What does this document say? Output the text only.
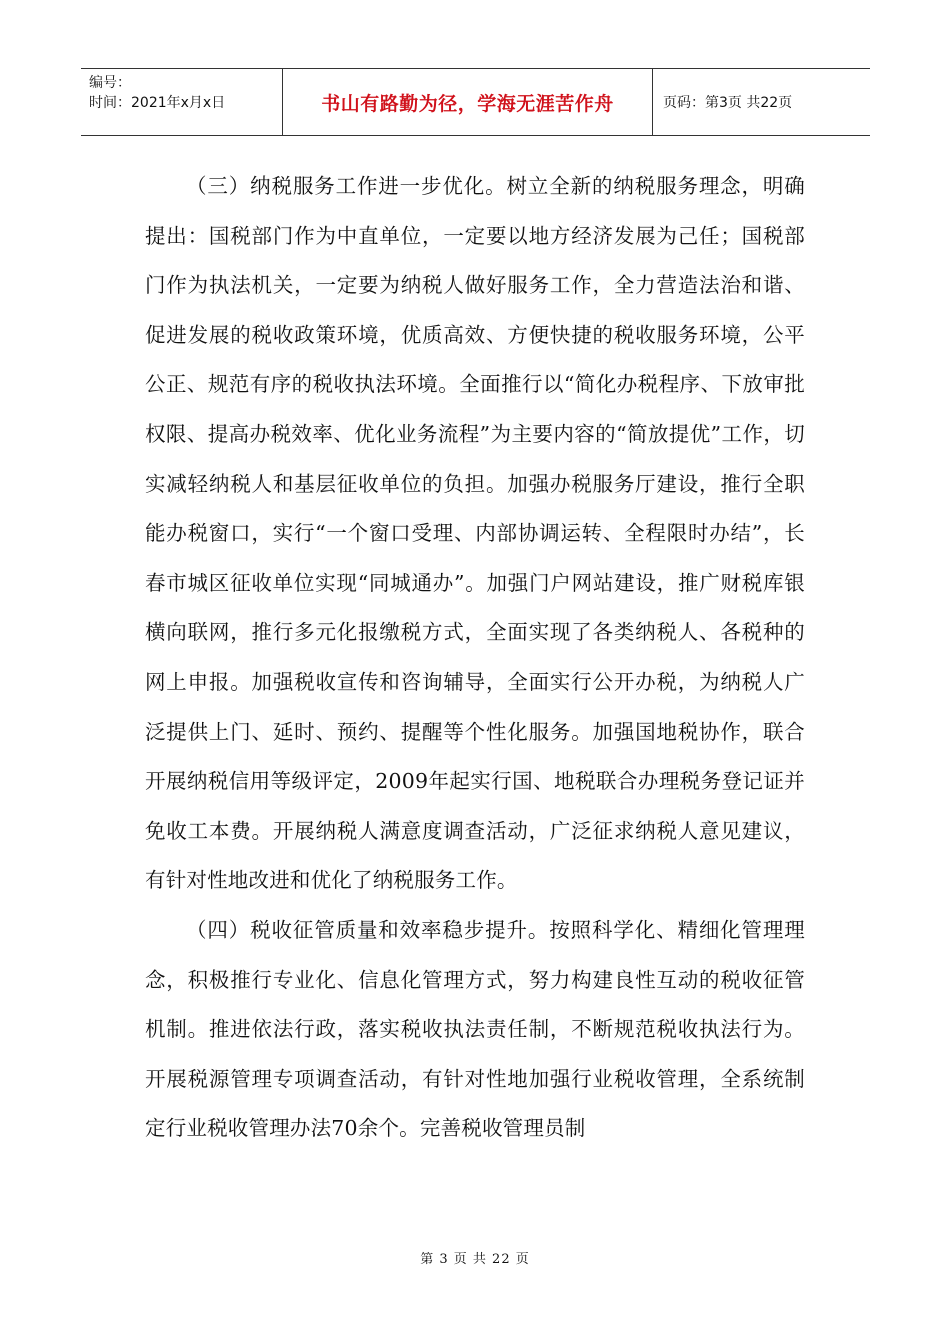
编号：
时间：2021年x月x日	书山有路勤为径，学海无涯苦作舟	页码：第3页 共22页

（三）纳税服务工作进一步优化。树立全新的纳税服务理念，明确提出：国税部门作为中直单位，一定要以地方经济发展为己任；国税部门作为执法机关，一定要为纳税人做好服务工作，全力营造法治和谐、促进发展的税收政策环境，优质高效、方便快捷的税收服务环境，公平公正、规范有序的税收执法环境。全面推行以“简化办税程序、下放审批权限、提高办税效率、优化业务流程”为主要内容的“简放提优”工作，切实减轻纳税人和基层征收单位的负担。加强办税服务厅建设，推行全职能办税窗口，实行“一个窗口受理、内部协调运转、全程限时办结”，长春市城区征收单位实现“同城通办”。加强门户网站建设，推广财税库银横向联网，推行多元化报缴税方式，全面实现了各类纳税人、各税种的网上申报。加强税收宣传和咨询辅导，全面实行公开办税，为纳税人广泛提供上门、延时、预约、提醒等个性化服务。加强国地税协作，联合开展纳税信用等级评定，2009年起实行国、地税联合办理税务登记证并免收工本费。开展纳税人满意度调查活动，广泛征求纳税人意见建议，有针对性地改进和优化了纳税服务工作。

（四）税收征管质量和效率稳步提升。按照科学化、精细化管理理念，积极推行专业化、信息化管理方式，努力构建良性互动的税收征管机制。推进依法行政，落实税收执法责任制，不断规范税收执法行为。开展税源管理专项调查活动，有针对性地加强行业税收管理，全系统制定行业税收管理办法70余个。完善税收管理员制

第 3 页 共 22 页
